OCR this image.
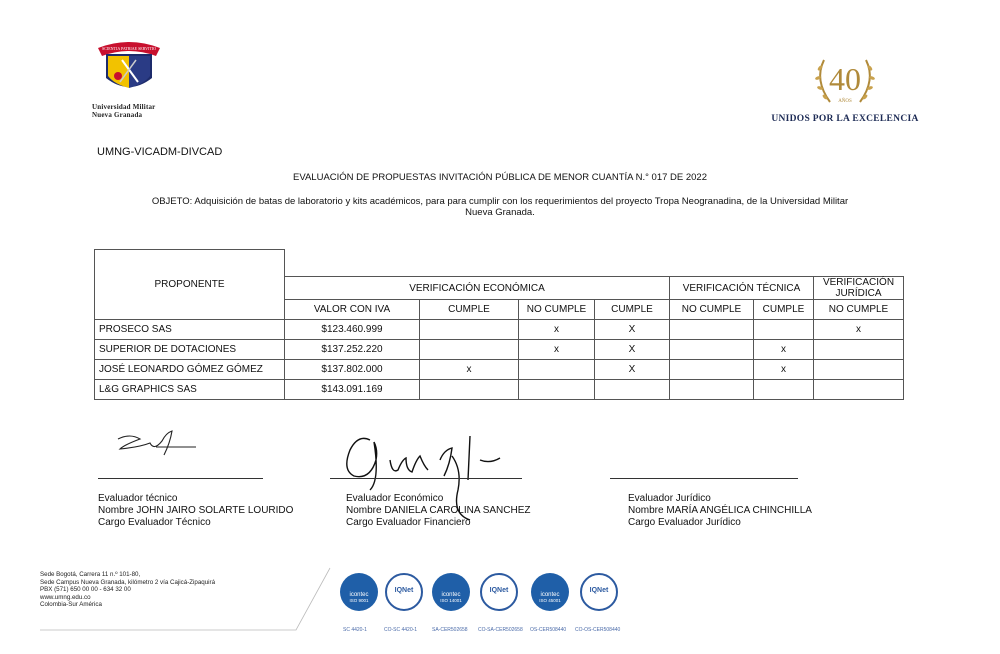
SCIENTIA PATRIAE SERVITIO
Universidad Militar
Nueva Granada
40
AÑOS
UNIDOS POR LA EXCELENCIA
UMNG-VICADM-DIVCAD
EVALUACIÓN DE PROPUESTAS INVITACIÓN PÚBLICA DE MENOR CUANTÍA N.° 017 DE 2022
OBJETO: Adquisición de batas de laboratorio y kits académicos, para para cumplir con los requerimientos del proyecto Tropa Neogranadina, de la Universidad Militar
Nueva Granada.
PROPONENTE							
	VERIFICACIÓN ECONÓMICA				VERIFICACIÓN TÉCNICA		VERIFICACIÓN JURÍDICA
	VALOR CON IVA	CUMPLE	NO CUMPLE	CUMPLE	NO CUMPLE	CUMPLE	NO CUMPLE
PROSECO SAS	$123.460.999		x	X			x
SUPERIOR DE DOTACIONES	$137.252.220		x	X		x	
JOSÉ LEONARDO GÓMEZ GÓMEZ	$137.802.000	x		X		x	
L&G GRAPHICS SAS	$143.091.169						
Evaluador técnico
Nombre JOHN JAIRO SOLARTE LOURIDO
Cargo Evaluador Técnico
Evaluador Económico
Nombre DANIELA CAROLINA SANCHEZ
Cargo Evaluador Financiero
Evaluador Jurídico
Nombre MARÍA ANGÉLICA CHINCHILLA
Cargo Evaluador Jurídico
Sede Bogotá, Carrera 11 n.º 101-80,
Sede Campus Nueva Granada, kilómetro 2 vía Cajicá-Zipaquirá
PBX (571) 650 00 00 - 634 32 00
www.umng.edu.co
Colombia-Sur América
icontec
ISO 9001
IQNet
icontec
ISO 14001
IQNet
icontec
ISO 45001
IQNet
SC 4420-1	CO-SC 4420-1	SA-CER502658 CO-SA-CER502658 OS-CER508440 CO-OS-CER508440
